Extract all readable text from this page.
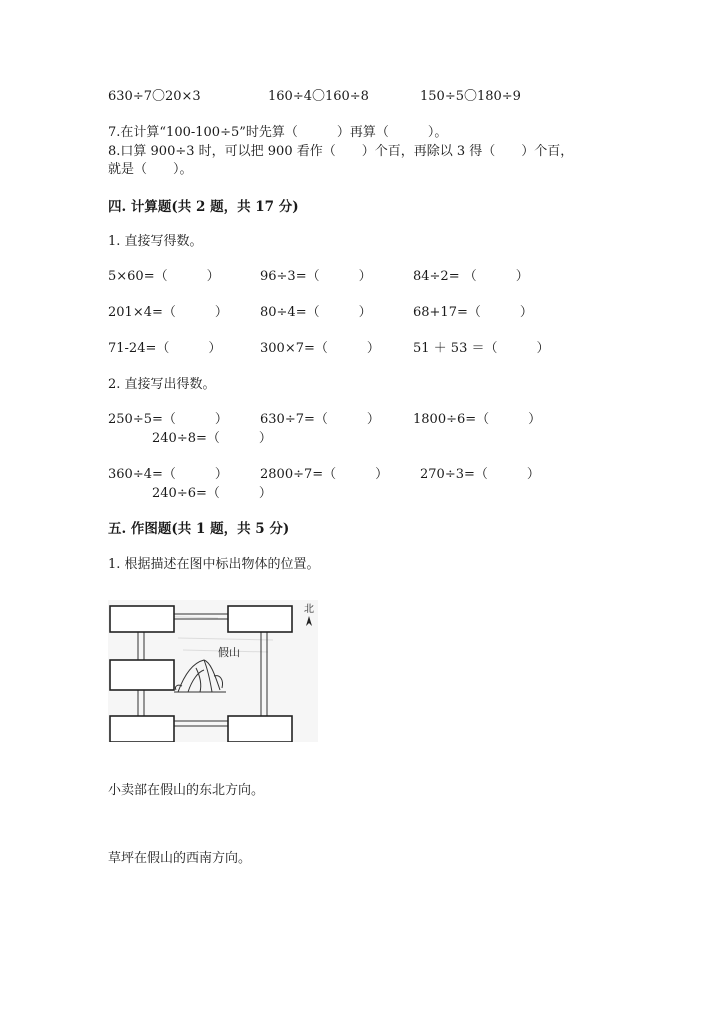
630÷7〇20×3	160÷4〇160÷8	150÷5〇180÷9
7.在计算“100-100÷5”时先算（　　　）再算（　　　）。
8.口算 900÷3 时，可以把 900 看作（　　）个百，再除以 3 得（　　）个百，
就是（　　）。
四. 计算题(共 2 题，共 17 分)
1. 直接写得数。
5×60=（　　　）	96÷3=（　　　）	84÷2= （　　　）
201×4=（　　　） 80÷4=（　　　）	68+17=（　　　）
71-24=（　　　）	300×7=（　　　）	51 ＋ 53 ＝（　　　）
2. 直接写出得数。
250÷5=（　　　） 630÷7=（　　　）	1800÷6=（　　　）
240÷8=（　　　）
360÷4=（　　　） 2800÷7=（　　　） 270÷3=（　　　）
240÷6=（　　　）
五. 作图题(共 1 题，共 5 分)
1. 根据描述在图中标出物体的位置。
假山
北
小卖部在假山的东北方向。
草坪在假山的西南方向。
